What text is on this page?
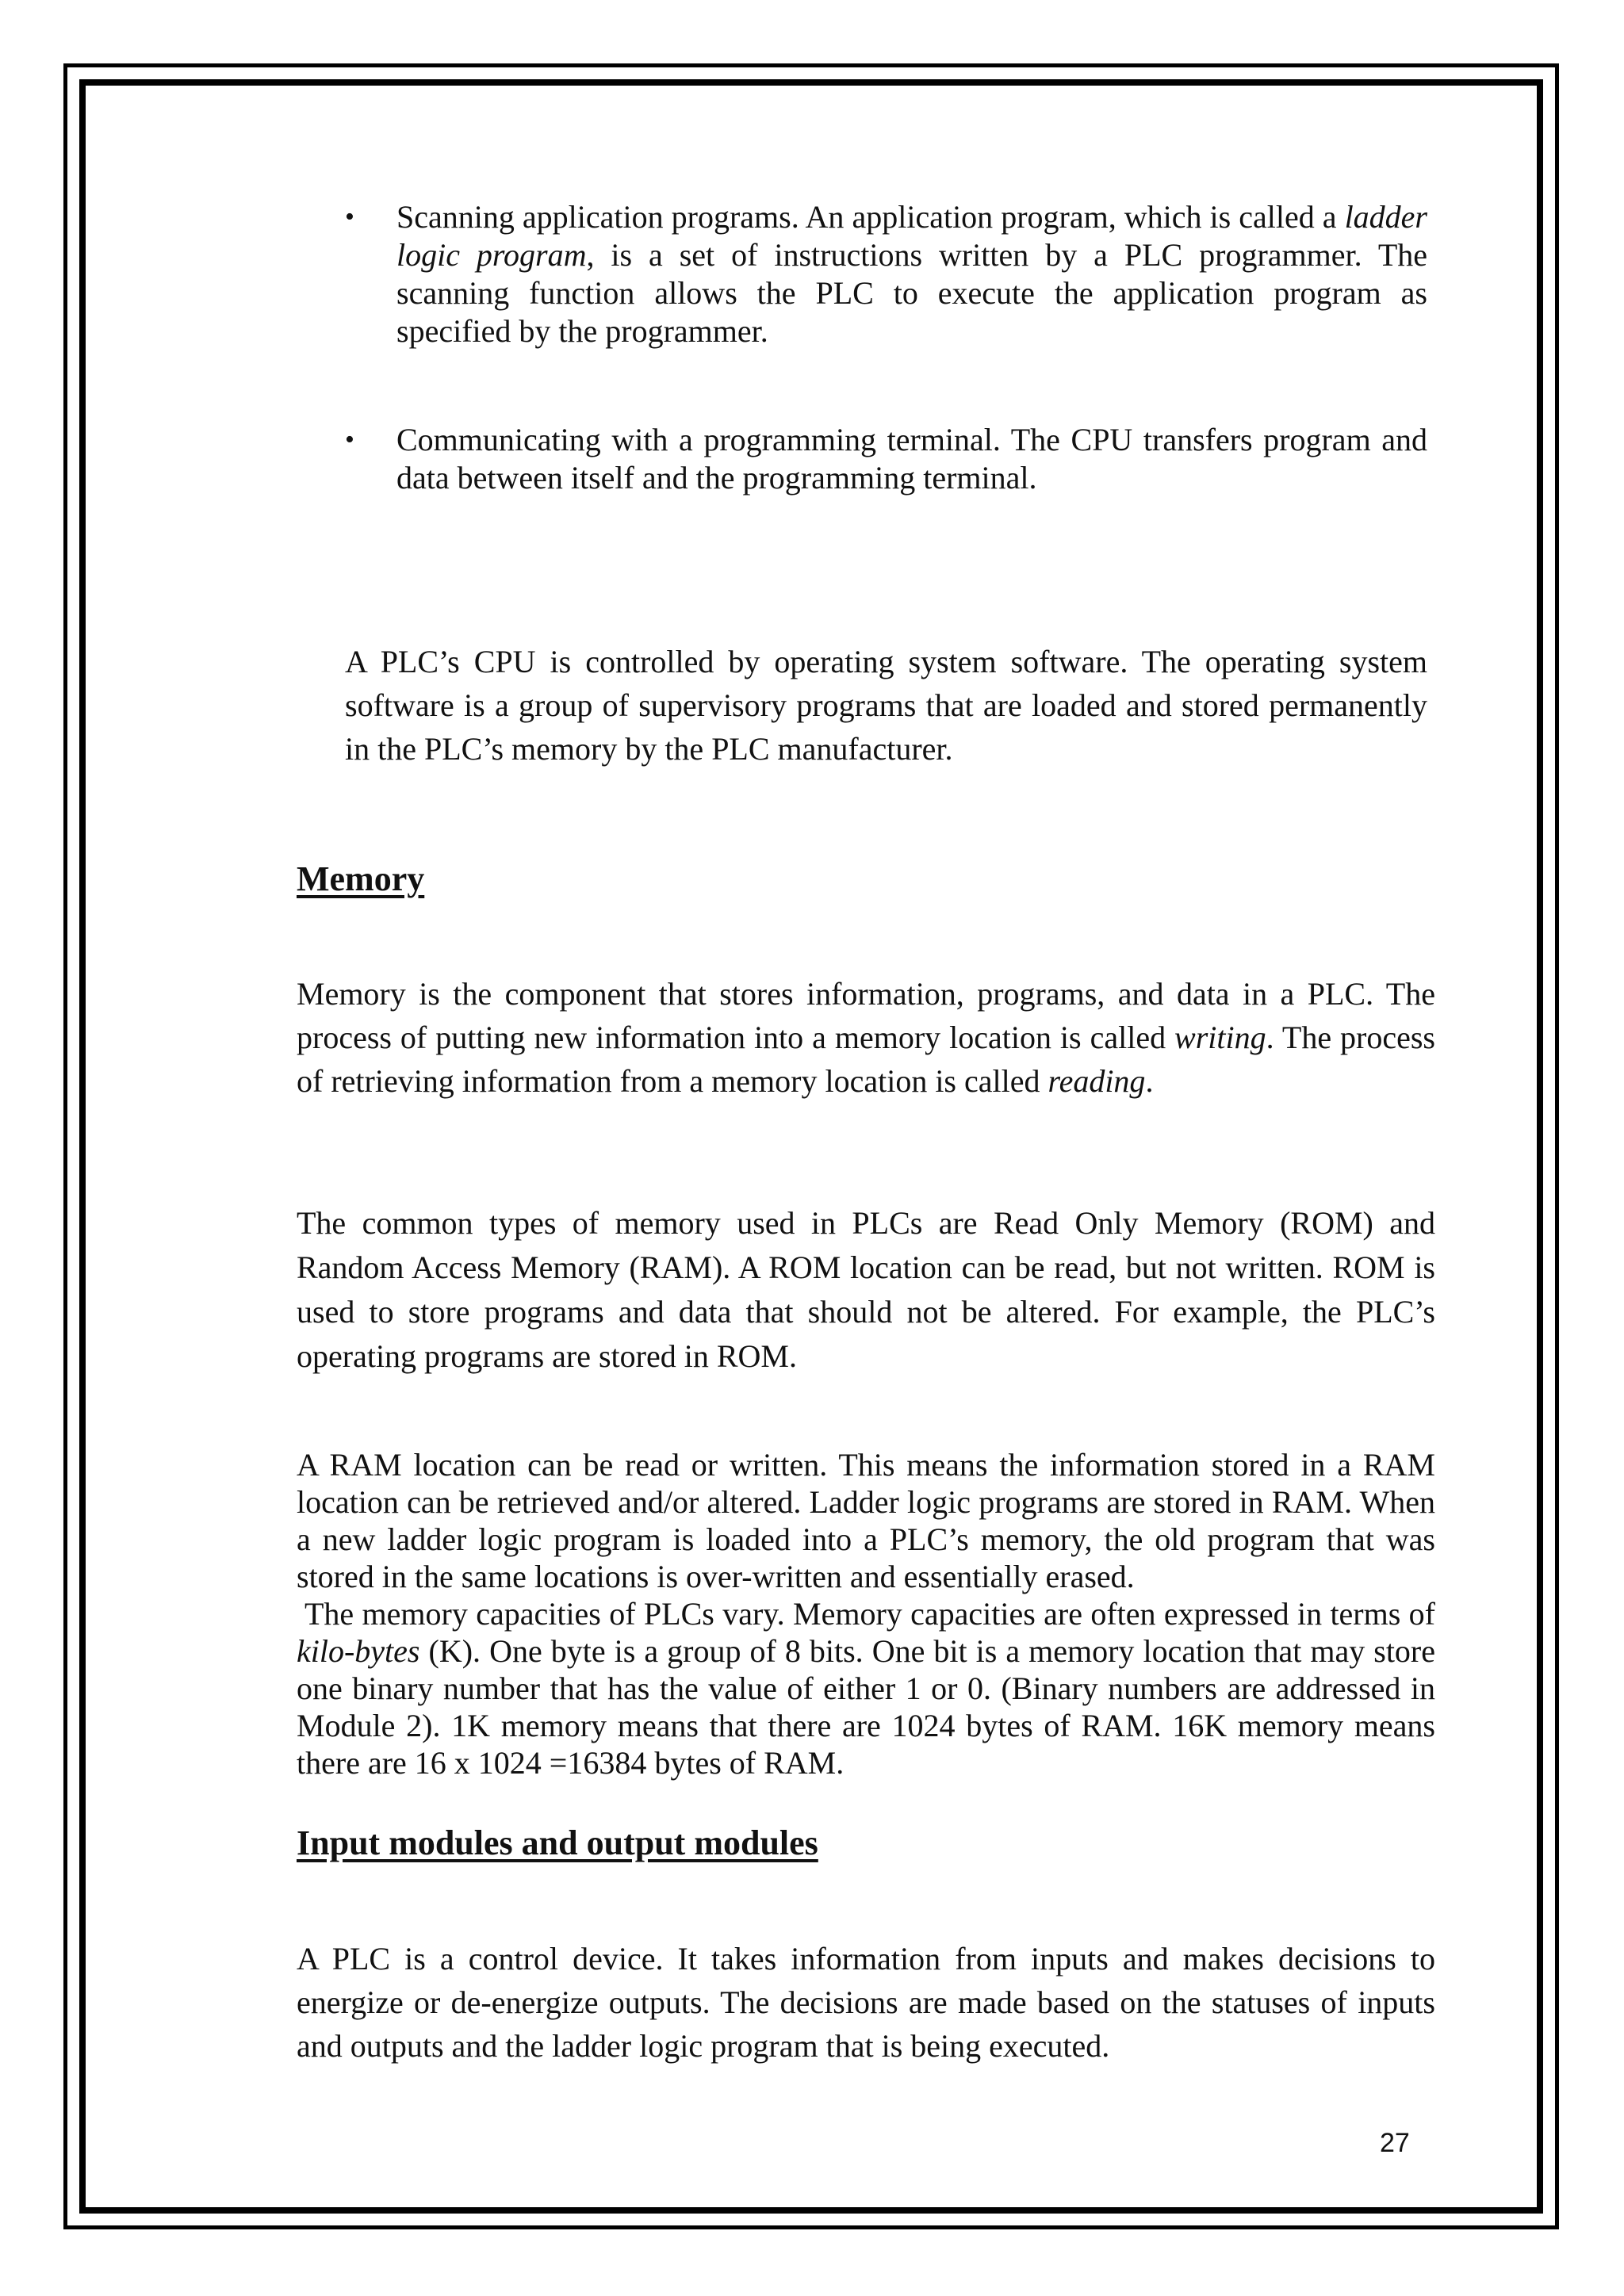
• Scanning application programs. An application program, which is called a ladder logic program, is a set of instructions written by a PLC programmer. The scanning function allows the PLC to execute the application program as specified by the programmer.
• Communicating with a programming terminal. The CPU transfers program and data between itself and the programming terminal.

A PLC’s CPU is controlled by operating system software. The operating system software is a group of supervisory programs that are loaded and stored permanently in the PLC’s memory by the PLC manufacturer.

Memory

Memory is the component that stores information, programs, and data in a PLC. The process of putting new information into a memory location is called writing. The process of retrieving information from a memory location is called reading.

The common types of memory used in PLCs are Read Only Memory (ROM) and Random Access Memory (RAM). A ROM location can be read, but not written. ROM is used to store programs and data that should not be altered. For example, the PLC’s operating programs are stored in ROM.

A RAM location can be read or written. This means the information stored in a RAM location can be retrieved and/or altered. Ladder logic programs are stored in RAM. When a new ladder logic program is loaded into a PLC’s memory, the old program that was stored in the same locations is over-written and essentially erased.

The memory capacities of PLCs vary. Memory capacities are often expressed in terms of kilo-bytes (K). One byte is a group of 8 bits. One bit is a memory location that may store one binary number that has the value of either 1 or 0. (Binary numbers are addressed in Module 2). 1K memory means that there are 1024 bytes of RAM. 16K memory means there are 16 x 1024 =16384 bytes of RAM.

Input modules and output modules

A PLC is a control device. It takes information from inputs and makes decisions to energize or de-energize outputs. The decisions are made based on the statuses of inputs and outputs and the ladder logic program that is being executed.

27
